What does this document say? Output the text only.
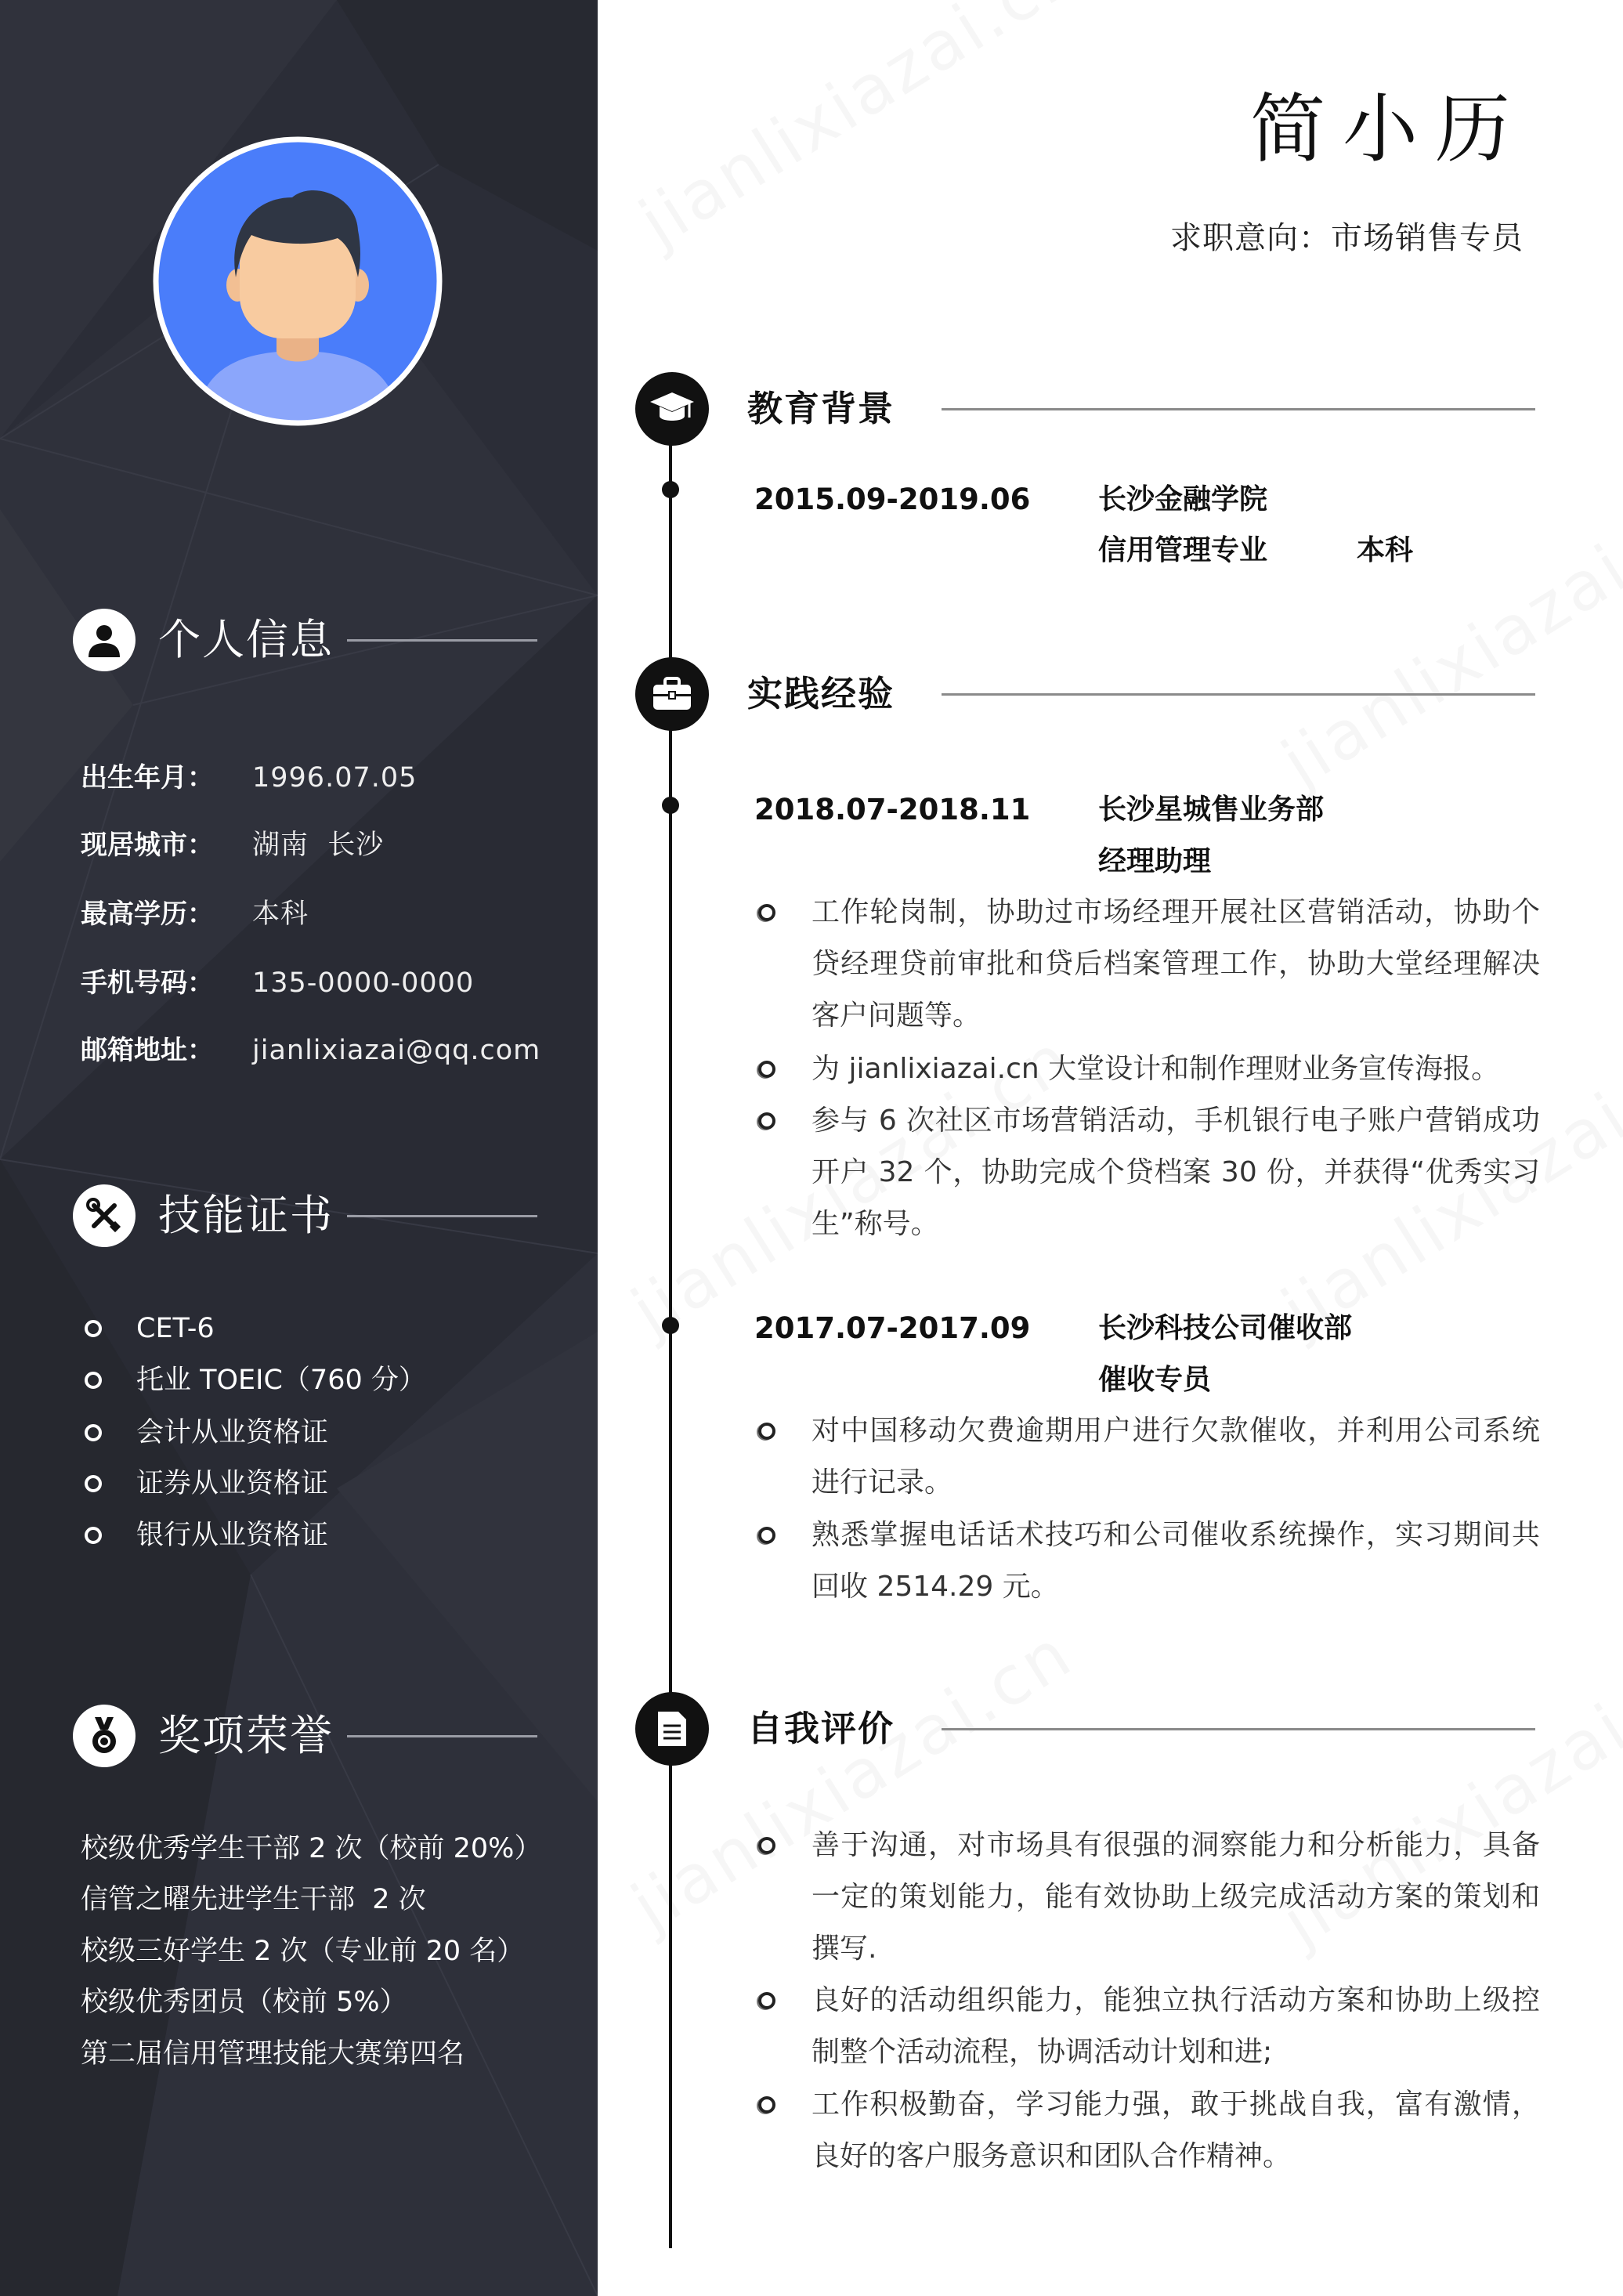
个人信息
出生年月： 1996.07.05
现居城市： 湖南  长沙
最高学历： 本科
手机号码： 135-0000-0000
邮箱地址： jianlixiazai@qq.com
技能证书
CET-6
托业 TOEIC（760 分）
会计从业资格证
证券从业资格证
银行从业资格证
奖项荣誉
校级优秀学生干部 2 次（校前 20%）
信管之曜先进学生干部  2 次
校级三好学生 2 次（专业前 20 名）
校级优秀团员（校前 5%）
第二届信用管理技能大赛第四名
简小历
求职意向：市场销售专员
教育背景
2015.09-2019.06 长沙金融学院
信用管理专业	本科
实践经验
2018.07-2018.11 长沙星城售业务部
经理助理
工作轮岗制，协助过市场经理开展社区营销活动，协助个贷经理贷前审批和贷后档案管理工作，协助大堂经理解决客户问题等。
为 jianlixiazai.cn 大堂设计和制作理财业务宣传海报。
参与 6 次社区市场营销活动，手机银行电子账户营销成功开户 32 个，协助完成个贷档案 30 份，并获得“优秀实习生”称号。
2017.07-2017.09 长沙科技公司催收部
催收专员
对中国移动欠费逾期用户进行欠款催收，并利用公司系统进行记录。
熟悉掌握电话话术技巧和公司催收系统操作，实习期间共回收 2514.29 元。
自我评价
善于沟通，对市场具有很强的洞察能力和分析能力，具备一定的策划能力，能有效协助上级完成活动方案的策划和撰写.
良好的活动组织能力，能独立执行活动方案和协助上级控制整个活动流程，协调活动计划和进;
工作积极勤奋，学习能力强，敢于挑战自我，富有激情，良好的客户服务意识和团队合作精神。
